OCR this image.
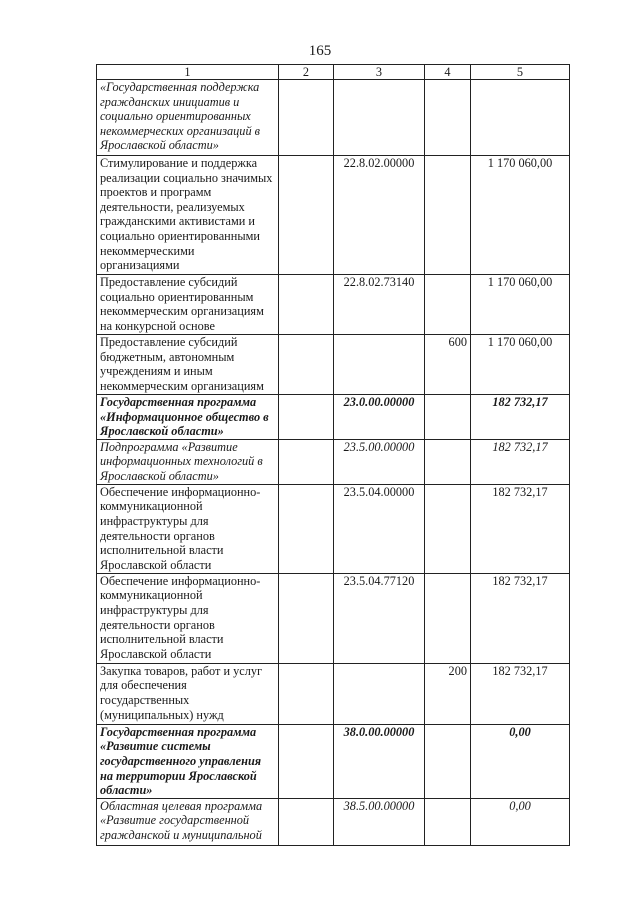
165
1	2	3	4	5
«Государственная поддержка гражданских инициатив и социально ориентированных некоммерческих организаций в Ярославской области»				
Стимулирование и поддержка реализации социально значимых проектов и программ деятельности, реализуемых гражданскими активистами и социально ориентированными некоммерческими организациями		22.8.02.00000		1 170 060,00
Предоставление субсидий социально ориентированным некоммерческим организациям на конкурсной основе		22.8.02.73140		1 170 060,00
Предоставление субсидий бюджетным, автономным учреждениям и иным некоммерческим организациям			600	1 170 060,00
Государственная программа «Информационное общество в Ярославской области»		23.0.00.00000		182 732,17
Подпрограмма «Развитие информационных технологий в Ярославской области»		23.5.00.00000		182 732,17
Обеспечение информационно-коммуникационной инфраструктуры для деятельности органов исполнительной власти Ярославской области		23.5.04.00000		182 732,17
Обеспечение информационно-коммуникационной инфраструктуры для деятельности органов исполнительной власти Ярославской области		23.5.04.77120		182 732,17
Закупка товаров, работ и услуг для обеспечения государственных (муниципальных) нужд			200	182 732,17
Государственная программа «Развитие системы государственного управления на территории Ярославской области»		38.0.00.00000		0,00
Областная целевая программа «Развитие государственной гражданской и муниципальной		38.5.00.00000		0,00
